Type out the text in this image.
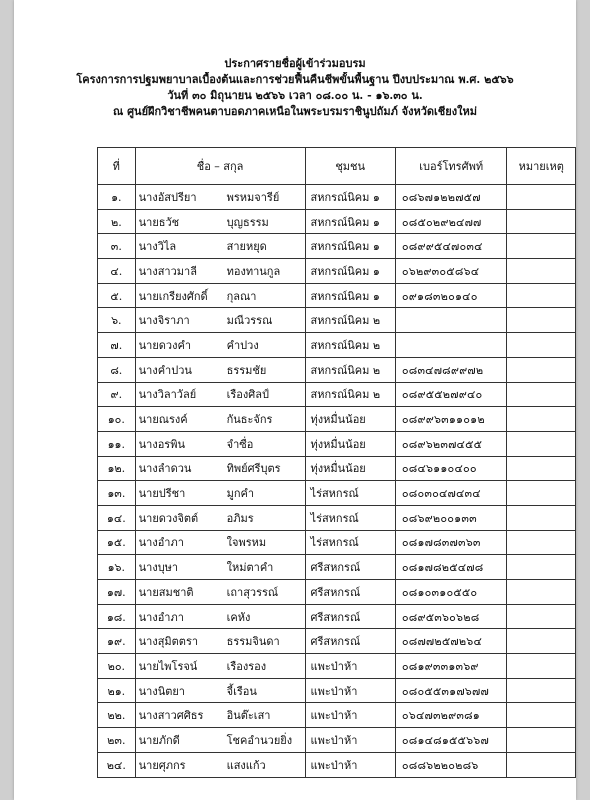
ประกาศรายชื่อผู้เข้าร่วมอบรม
โครงการการปฐมพยาบาลเบื้องต้นและการช่วยฟื้นคืนชีพขั้นพื้นฐาน ปีงบประมาณ พ.ศ. ๒๕๖๖
วันที่ ๓๐ มิถุนายน ๒๕๖๖ เวลา ๐๘.๐๐ น. - ๑๖.๓๐ น.
ณ ศูนย์ฝึกวิชาชีพคนตาบอดภาคเหนือในพระบรมราชินูปถัมภ์ จังหวัดเชียงใหม่
ที่	ชื่อ – สกุล	ชุมชน	เบอร์โทรศัพท์	หมายเหตุ
๑.	นางอัสปรียา พรหมจารีย์	สหกรณ์นิคม ๑	๐๘๖๗๑๒๒๗๕๗	
๒.	นายธวัช บุญธรรม	สหกรณ์นิคม ๑	๐๘๕๐๒๙๒๔๗๗	
๓.	นางวิไล สายหยุด	สหกรณ์นิคม ๑	๐๘๙๙๕๔๗๐๓๔	
๔.	นางสาวมาลี ทองทานกูล	สหกรณ์นิคม ๑	๐๖๒๙๓๐๕๘๖๔	
๕.	นายเกรียงศักดิ์ กุลณา	สหกรณ์นิคม ๑	๐๙๑๘๓๒๐๑๔๐	
๖.	นางจิราภา มณีวรรณ	สหกรณ์นิคม ๒		
๗.	นายดวงคำ คำปวง	สหกรณ์นิคม ๒		
๘.	นางคำปวน ธรรมชัย	สหกรณ์นิคม ๒	๐๘๓๔๗๘๙๙๗๒	
๙.	นางวิลาวัลย์ เรืองศิลป์	สหกรณ์นิคม ๒	๐๘๙๕๕๒๗๙๔๐	
๑๐.	นายณรงค์ กันธะจักร	ทุ่งหมื่นน้อย	๐๘๙๙๖๓๑๑๐๑๒	
๑๑.	นางอรพิน จำซื่อ	ทุ่งหมื่นน้อย	๐๘๙๖๒๓๗๔๕๕	
๑๒.	นางลำดวน ทิพย์ศรีบุตร	ทุ่งหมื่นน้อย	๐๘๔๖๑๑๐๔๐๐	
๑๓.	นายปรีชา มูกคำ	ไร่สหกรณ์	๐๘๐๓๐๔๗๔๓๔	
๑๔.	นายดวงจิตต์ อภิมร	ไร่สหกรณ์	๐๘๖๙๒๐๐๑๓๓	
๑๕.	นางอำภา ใจพรหม	ไร่สหกรณ์	๐๘๑๗๘๓๗๓๖๓	
๑๖.	นางบุษา ใหม่ตาคำ	ศรีสหกรณ์	๐๘๑๗๘๒๕๔๗๘	
๑๗.	นายสมชาติ เถาสุวรรณ์	ศรีสหกรณ์	๐๘๑๐๓๑๐๕๕๐	
๑๘.	นางอำภา เคหัง	ศรีสหกรณ์	๐๘๙๕๓๖๐๖๒๘	
๑๙.	นางสุมิตตรา ธรรมจินดา	ศรีสหกรณ์	๐๘๗๗๒๕๗๒๖๔	
๒๐.	นายไพโรจน์ เรืองรอง	แพะป่าห้า	๐๘๑๙๓๓๑๓๖๙	
๒๑.	นางนิตยา จี้เรือน	แพะป่าห้า	๐๘๐๕๕๓๑๗๖๗๗	
๒๒.	นางสาวศศิธร อินต๊ะเสา	แพะป่าห้า	๐๖๔๗๓๒๙๓๘๑	
๒๓.	นายภักดี โชคอำนวยยิ่ง	แพะป่าห้า	๐๘๑๔๘๑๕๕๖๖๗	
๒๔.	นายศุภกร แสงแก้ว	แพะป่าห้า	๐๘๘๖๒๒๐๒๘๖	
